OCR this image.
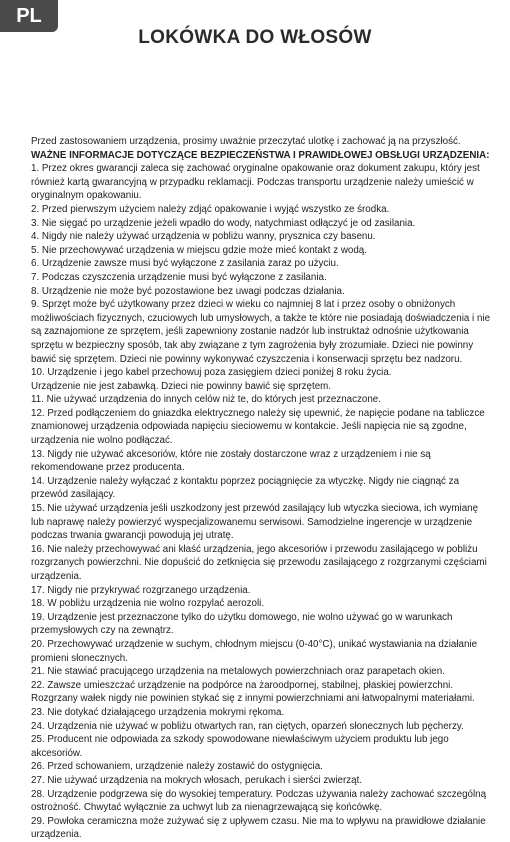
PL
LOKÓWKA DO WŁOSÓW

Przed zastosowaniem urządzenia, prosimy uważnie przeczytać ulotkę i zachować ją na przyszłość.

WAŻNE INFORMACJE DOTYCZĄCE BEZPIECZEŃSTWA I PRAWIDŁOWEJ OBSŁUGI URZĄDZENIA:

1. Przez okres gwarancji zaleca się zachować oryginalne opakowanie oraz dokument zakupu, który jest również kartą gwarancyjną w przypadku reklamacji. Podczas transportu urządzenie należy umieścić w oryginalnym opakowaniu.

2. Przed pierwszym użyciem należy zdjąć opakowanie i wyjąć wszystko ze środka.

3. Nie sięgać po urządzenie jeżeli wpadło do wody, natychmiast odłączyć je od zasilania.

4. Nigdy nie należy używać urządzenia w pobliżu wanny, prysznica czy basenu.

5. Nie przechowywać urządzenia w miejscu gdzie może mieć kontakt z wodą.

6. Urządzenie zawsze musi być wyłączone z zasilania zaraz po użyciu.

7. Podczas czyszczenia urządzenie musi być wyłączone z zasilania.

8. Urządzenie nie może być pozostawione bez uwagi podczas działania.

9. Sprzęt może być użytkowany przez dzieci w wieku co najmniej 8 lat i przez osoby o obniżonych możliwościach fizycznych, czuciowych lub umysłowych, a także te które nie posiadają doświadczenia i nie są zaznajomione ze sprzętem, jeśli zapewniony zostanie nadzór lub instruktaż odnośnie użytkowania sprzętu w bezpieczny sposób, tak aby związane z tym zagrożenia były zrozumiałe. Dzieci nie powinny bawić się sprzętem. Dzieci nie powinny wykonywać czyszczenia i konserwacji sprzętu bez nadzoru.

10. Urządzenie i jego kabel przechowuj poza zasięgiem dzieci poniżej 8 roku życia.

Urządzenie nie jest zabawką. Dzieci nie powinny bawić się sprzętem.

11. Nie używać urządzenia do innych celów niż te, do których jest przeznaczone.

12. Przed podłączeniem do gniazdka elektrycznego należy się upewnić, że napięcie podane na tabliczce znamionowej urządzenia odpowiada napięciu sieciowemu w kontakcie. Jeśli napięcia nie są zgodne, urządzenia nie wolno podłączać.

13. Nigdy nie używać akcesoriów, które nie zostały dostarczone wraz z urządzeniem i nie są rekomendowane przez producenta.

14. Urządzenie należy wyłączać z kontaktu poprzez pociągnięcie za wtyczkę. Nigdy nie ciągnąć za przewód zasilający.

15. Nie używać urządzenia jeśli uszkodzony jest przewód zasilający lub wtyczka sieciowa, ich wymianę lub naprawę należy powierzyć wyspecjalizowanemu serwisowi. Samodzielne ingerencje w urządzenie podczas trwania gwarancji powodują jej utratę.

16. Nie należy przechowywać ani kłaść urządzenia, jego akcesoriów i przewodu zasilającego w pobliżu rozgrzanych powierzchni. Nie dopuścić do zetknięcia się przewodu zasilającego z rozgrzanymi częściami urządzenia.

17. Nigdy nie przykrywać rozgrzanego urządzenia.

18. W pobliżu urządzenia nie wolno rozpylać aerozoli.

19. Urządzenie jest przeznaczone tylko do użytku domowego, nie wolno używać go w warunkach przemysłowych czy na zewnątrz.

20. Przechowywać urządzenie w suchym, chłodnym miejscu (0-40°C), unikać wystawiania na działanie promieni słonecznych.

21. Nie stawiać pracującego urządzenia na metalowych powierzchniach oraz parapetach okien.

22. Zawsze umieszczać urządzenie na podpórce na żaroodpornej, stabilnej, płaskiej powierzchni. Rozgrzany wałek nigdy nie powinien stykać się z innymi powierzchniami ani łatwopalnymi materiałami.

23. Nie dotykać działającego urządzenia mokrymi rękoma.

24. Urządzenia nie używać w pobliżu otwartych ran, ran ciętych, oparzeń słonecznych lub pęcherzy.

25. Producent nie odpowiada za szkody spowodowane niewłaściwym użyciem produktu lub jego akcesoriów.

26. Przed schowaniem, urządzenie należy zostawić do ostygnięcia.

27. Nie używać urządzenia na mokrych włosach, perukach i sierści zwierząt.

28. Urządzenie podgrzewa się do wysokiej temperatury. Podczas używania należy zachować szczególną ostrożność. Chwytać wyłącznie za uchwyt lub za nienagrzewającą się końcówkę.

29. Powłoka ceramiczna może zużywać się z upływem czasu. Nie ma to wpływu na prawidłowe działanie urządzenia.
